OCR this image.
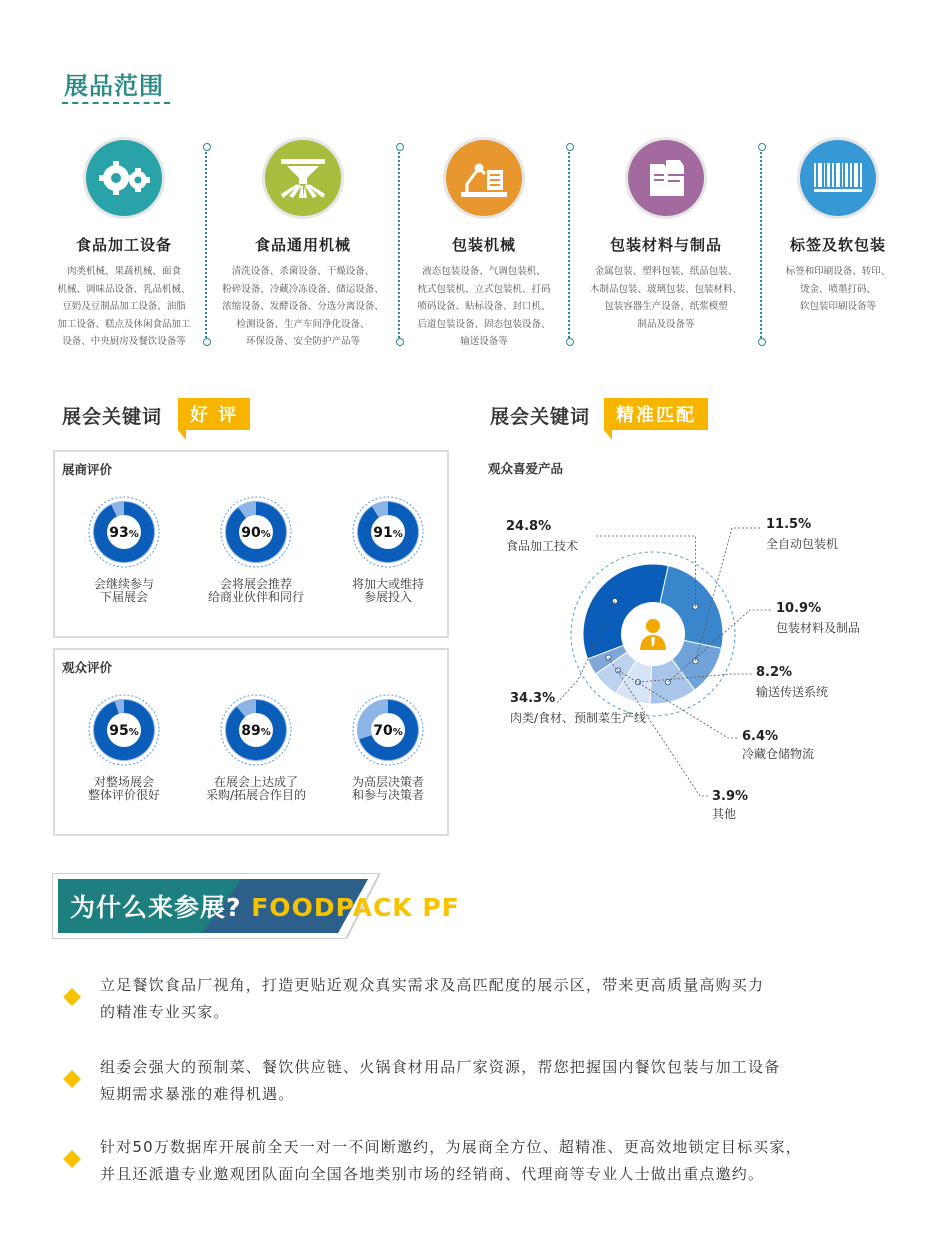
展品范围
食品加工设备
肉类机械、果蔬机械、面食
机械、调味品设备、乳品机械、
豆奶及豆制品加工设备、油脂
加工设备、糕点及休闲食品加工
设备、中央厨房及餐饮设备等
食品通用机械
清洗设备、杀菌设备、干燥设备、
粉碎设备、冷藏冷冻设备、储运设备、
浓缩设备、发酵设备、分选分离设备、
检测设备、生产车间净化设备、
环保设备、安全防护产品等
包装机械
液态包装设备、气调包装机、
枕式包装机、立式包装机、打码
喷码设备、贴标设备、封口机、
后道包装设备、固态包装设备、
输送设备等
包装材料与制品
金属包装、塑料包装、纸品包装、
木制品包装、玻璃包装、包装材料、
包装容器生产设备、纸浆模塑
制品及设备等
标签及软包装
标签和印刷设备、转印、
烫金、喷墨打码、
软包装印刷设备等
展会关键词	好 评	展会关键词	精准匹配
展商评价
93%
会继续参与
下届展会
90%
会将展会推荐
给商业伙伴和同行
91%
将加大或维持
参展投入
观众评价
95%
对整场展会
整体评价很好
89%
在展会上达成了
采购/拓展合作目的
70%
为高层决策者
和参与决策者
观众喜爱产品
24.8%
食品加工技术
11.5%
全自动包装机
10.9%
包装材料及制品
8.2%
输送传送系统
6.4%
冷藏仓储物流
3.9%
其他
34.3%
肉类/食材、预制菜生产线
为什么来参展? FOODPACK PF
立足餐饮食品厂视角，打造更贴近观众真实需求及高匹配度的展示区，带来更高质量高购买力
的精准专业买家。
组委会强大的预制菜、餐饮供应链、火锅食材用品厂家资源，帮您把握国内餐饮包装与加工设备
短期需求暴涨的难得机遇。
针对50万数据库开展前全天一对一不间断邀约，为展商全方位、超精准、更高效地锁定目标买家，
并且还派遣专业邀观团队面向全国各地类别市场的经销商、代理商等专业人士做出重点邀约。
